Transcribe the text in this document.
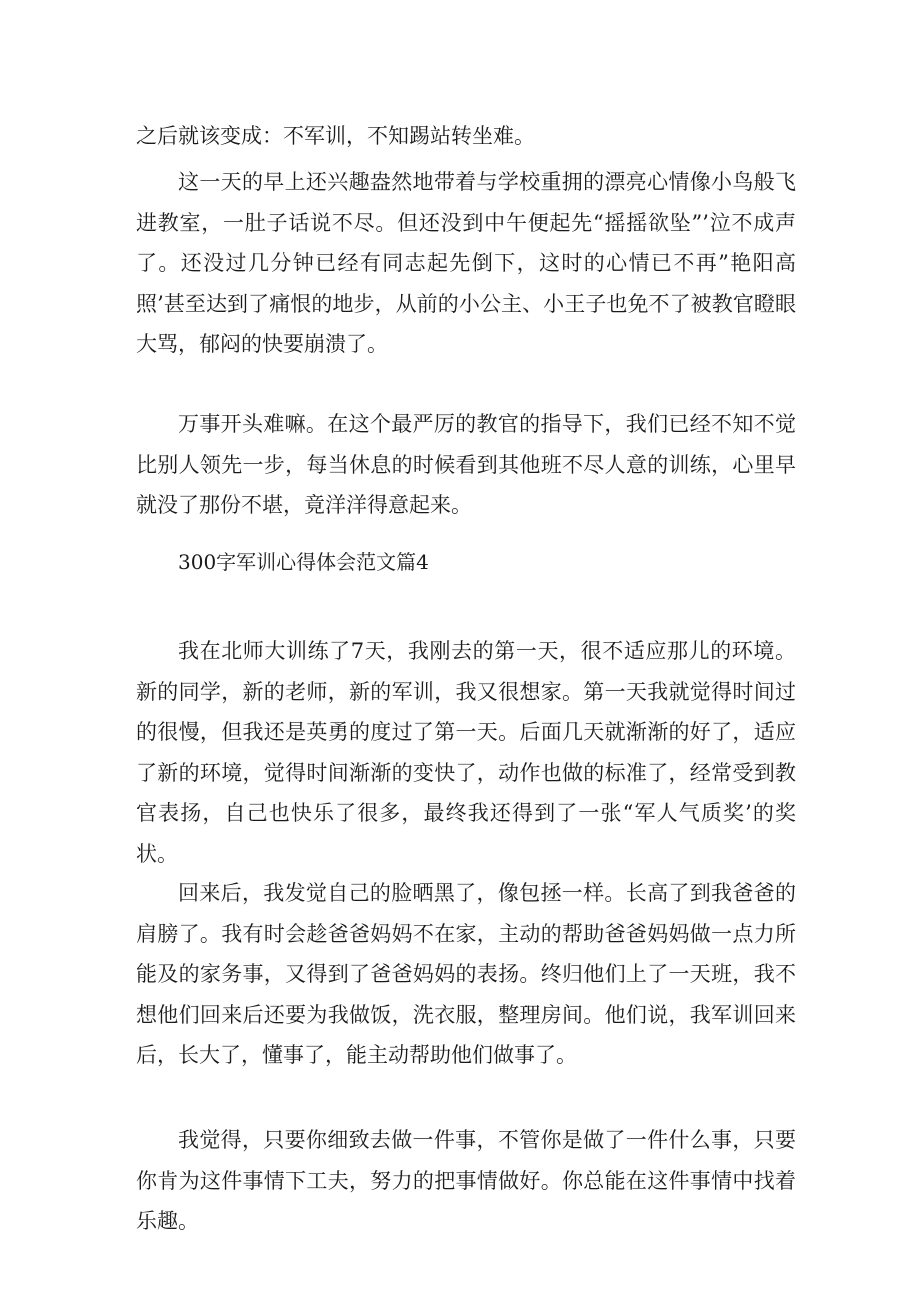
之后就该变成：不军训，不知踢站转坐难。

这一天的早上还兴趣盎然地带着与学校重拥的漂亮心情像小鸟般飞进教室，一肚子话说不尽。但还没到中午便起先“摇摇欲坠”’泣不成声了。还没过几分钟已经有同志起先倒下，这时的心情已不再”艳阳高照’甚至达到了痛恨的地步，从前的小公主、小王子也免不了被教官瞪眼大骂，郁闷的快要崩溃了。

万事开头难嘛。在这个最严厉的教官的指导下，我们已经不知不觉比别人领先一步，每当休息的时候看到其他班不尽人意的训练，心里早就没了那份不堪，竟洋洋得意起来。

300字军训心得体会范文篇4

我在北师大训练了7天，我刚去的第一天，很不适应那儿的环境。新的同学，新的老师，新的军训，我又很想家。第一天我就觉得时间过的很慢，但我还是英勇的度过了第一天。后面几天就渐渐的好了，适应了新的环境，觉得时间渐渐的变快了，动作也做的标准了，经常受到教官表扬，自己也快乐了很多，最终我还得到了一张“军人气质奖’的奖状。

回来后，我发觉自己的脸晒黑了，像包拯一样。长高了到我爸爸的肩膀了。我有时会趁爸爸妈妈不在家，主动的帮助爸爸妈妈做一点力所能及的家务事，又得到了爸爸妈妈的表扬。终归他们上了一天班，我不想他们回来后还要为我做饭，洗衣服，整理房间。他们说，我军训回来后，长大了，懂事了，能主动帮助他们做事了。

我觉得，只要你细致去做一件事，不管你是做了一件什么事，只要你肯为这件事情下工夫，努力的把事情做好。你总能在这件事情中找着乐趣。
